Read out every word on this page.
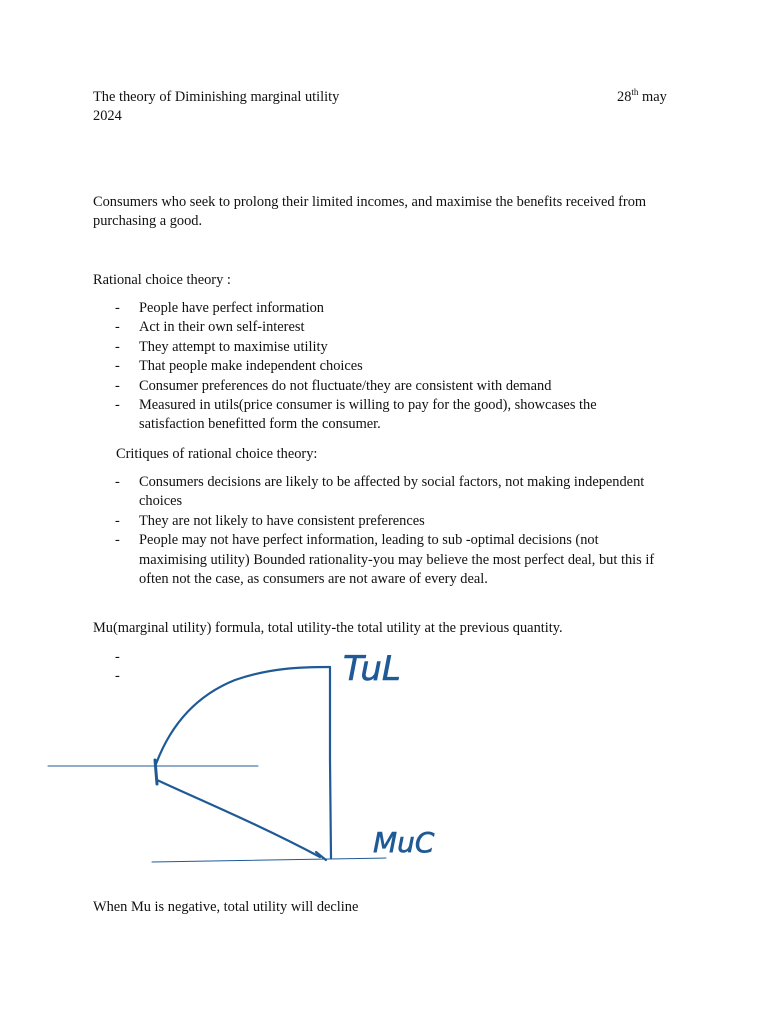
The theory of Diminishing marginal utility	28th may
2024
Consumers who seek to prolong their limited incomes, and maximise the benefits received from purchasing a good.
Rational choice theory :
- People have perfect information
- Act in their own self-interest
- They attempt to maximise utility
- That people make independent choices
- Consumer preferences do not fluctuate/they are consistent with demand
- Measured in utils(price consumer is willing to pay for the good), showcases the satisfaction benefitted form the consumer.
Critiques of rational choice theory:
- Consumers decisions are likely to be affected by social factors, not making independent choices
- They are not likely to have consistent preferences
- People may not have perfect information, leading to sub -optimal decisions (not maximising utility) Bounded rationality-you may believe the most perfect deal, but this if often not the case, as consumers are not aware of every deal.
Mu(marginal utility) formula, total utility-the total utility at the previous quantity.
-
-	TuL
MuC
When Mu is negative, total utility will decline
